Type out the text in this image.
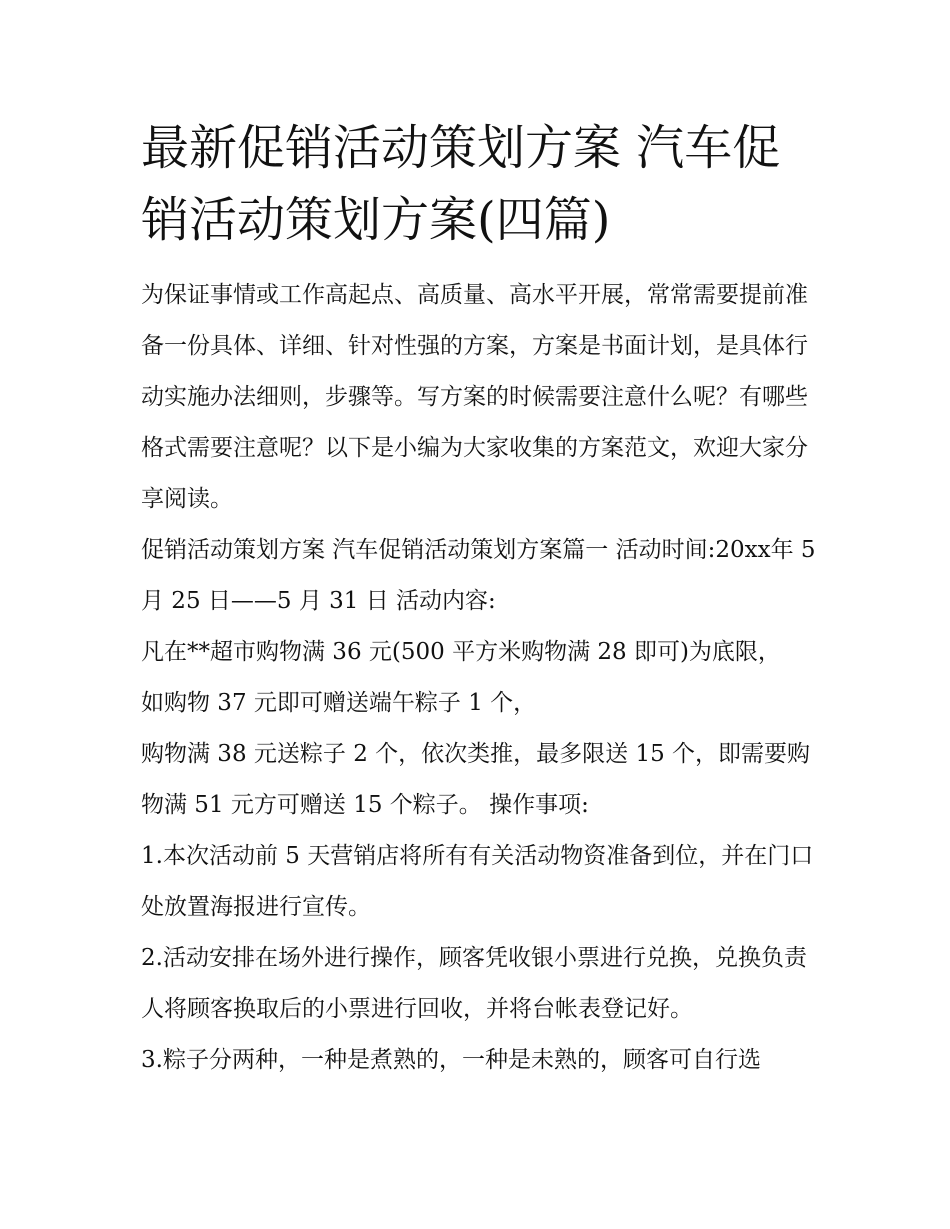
最新促销活动策划方案 汽车促销活动策划方案(四篇)

为保证事情或工作高起点、高质量、高水平开展，常常需要提前准备一份具体、详细、针对性强的方案，方案是书面计划，是具体行动实施办法细则，步骤等。写方案的时候需要注意什么呢？有哪些格式需要注意呢？以下是小编为大家收集的方案范文，欢迎大家分享阅读。

促销活动策划方案 汽车促销活动策划方案篇一 活动时间:20xx年 5 月 25 日——5 月 31 日 活动内容:

凡在**超市购物满 36 元(500 平方米购物满 28 即可)为底限，

如购物 37 元即可赠送端午粽子 1 个，

购物满 38 元送粽子 2 个，依次类推，最多限送 15 个，即需要购物满 51 元方可赠送 15 个粽子。 操作事项:

1.本次活动前 5 天营销店将所有有关活动物资准备到位，并在门口处放置海报进行宣传。

2.活动安排在场外进行操作，顾客凭收银小票进行兑换，兑换负责人将顾客换取后的小票进行回收，并将台帐表登记好。

3.粽子分两种，一种是煮熟的，一种是未熟的，顾客可自行选
